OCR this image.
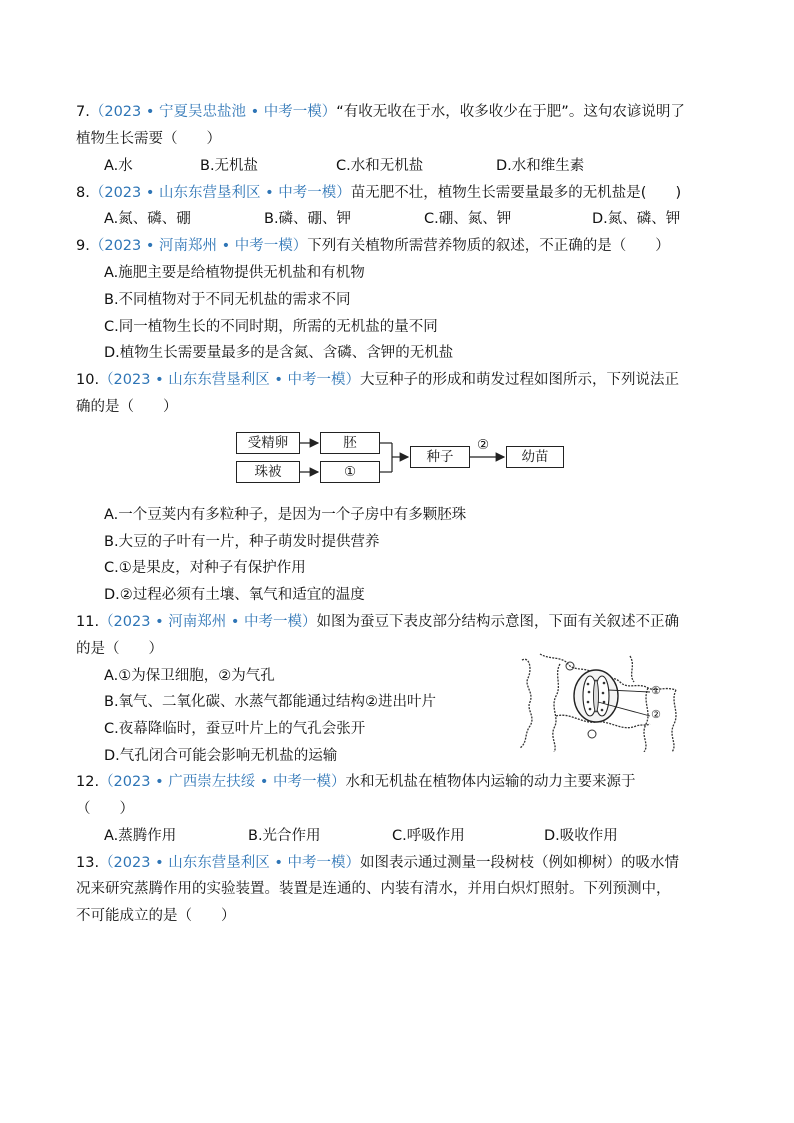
7.（2023 • 宁夏吴忠盐池 • 中考一模）“有收无收在于水，收多收少在于肥”。这句农谚说明了
植物生长需要（　　）
A.水	B.无机盐	C.水和无机盐	D.水和维生素
8.（2023 • 山东东营垦利区 • 中考一模）苗无肥不壮，植物生长需要量最多的无机盐是(　　)
A.氮、磷、硼	B.磷、硼、钾	C.硼、氮、钾	D.氮、磷、钾
9.（2023 • 河南郑州 • 中考一模）下列有关植物所需营养物质的叙述，不正确的是（　　）
A.施肥主要是给植物提供无机盐和有机物
B.不同植物对于不同无机盐的需求不同
C.同一植物生长的不同时期，所需的无机盐的量不同
D.植物生长需要量最多的是含氮、含磷、含钾的无机盐
10.（2023 • 山东东营垦利区 • 中考一模）大豆种子的形成和萌发过程如图所示，下列说法正
确的是（　　）
受精卵	胚
珠被	①
种子
②
幼苗
A.一个豆荚内有多粒种子，是因为一个子房中有多颗胚珠
B.大豆的子叶有一片，种子萌发时提供营养
C.①是果皮，对种子有保护作用
D.②过程必须有土壤、氧气和适宜的温度
11.（2023 • 河南郑州 • 中考一模）如图为蚕豆下表皮部分结构示意图，下面有关叙述不正确
的是（　　）
A.①为保卫细胞，②为气孔
B.氧气、二氧化碳、水蒸气都能通过结构②进出叶片
C.夜幕降临时，蚕豆叶片上的气孔会张开
D.气孔闭合可能会影响无机盐的运输
①
②
12.（2023 • 广西崇左扶绥 • 中考一模）水和无机盐在植物体内运输的动力主要来源于
（　　）
A.蒸腾作用	B.光合作用	C.呼吸作用	D.吸收作用
13.（2023 • 山东东营垦利区 • 中考一模）如图表示通过测量一段树枝（例如柳树）的吸水情
况来研究蒸腾作用的实验装置。装置是连通的、内装有清水，并用白炽灯照射。下列预测中，
不可能成立的是（　　）
